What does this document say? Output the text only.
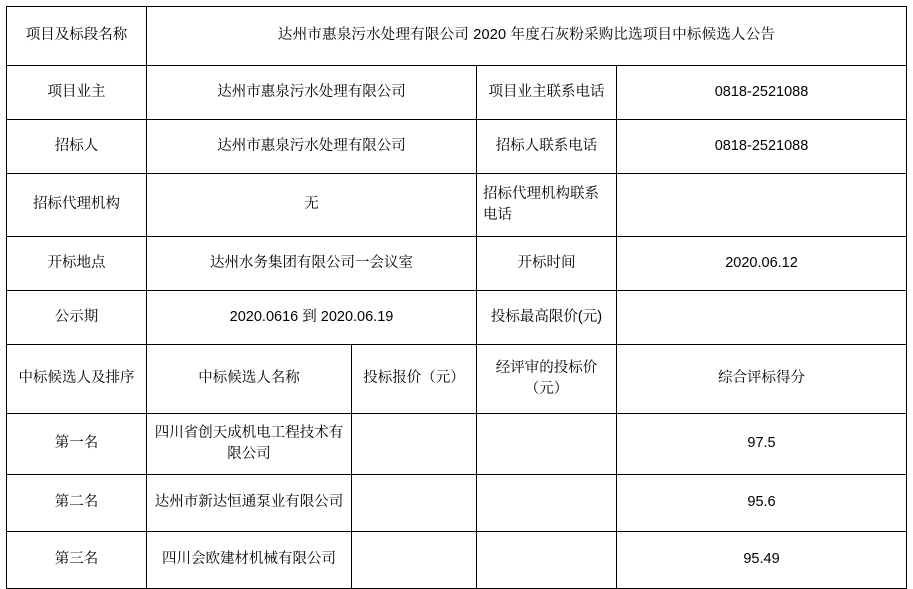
项目及标段名称	达州市惠泉污水处理有限公司 2020 年度石灰粉采购比选项目中标候选人公告			
项目业主	达州市惠泉污水处理有限公司		项目业主联系电话	0818-2521088
招标人	达州市惠泉污水处理有限公司		招标人联系电话	0818-2521088
招标代理机构	无		招标代理机构联系电话	
开标地点	达州水务集团有限公司一会议室		开标时间	2020.06.12
公示期	2020.0616 到 2020.06.19		投标最高限价(元)	
中标候选人及排序	中标候选人名称	投标报价（元）	经评审的投标价（元）	综合评标得分
第一名	四川省创天成机电工程技术有限公司			97.5
第二名	达州市新达恒通泵业有限公司			95.6
第三名	四川会欧建材机械有限公司			95.49
